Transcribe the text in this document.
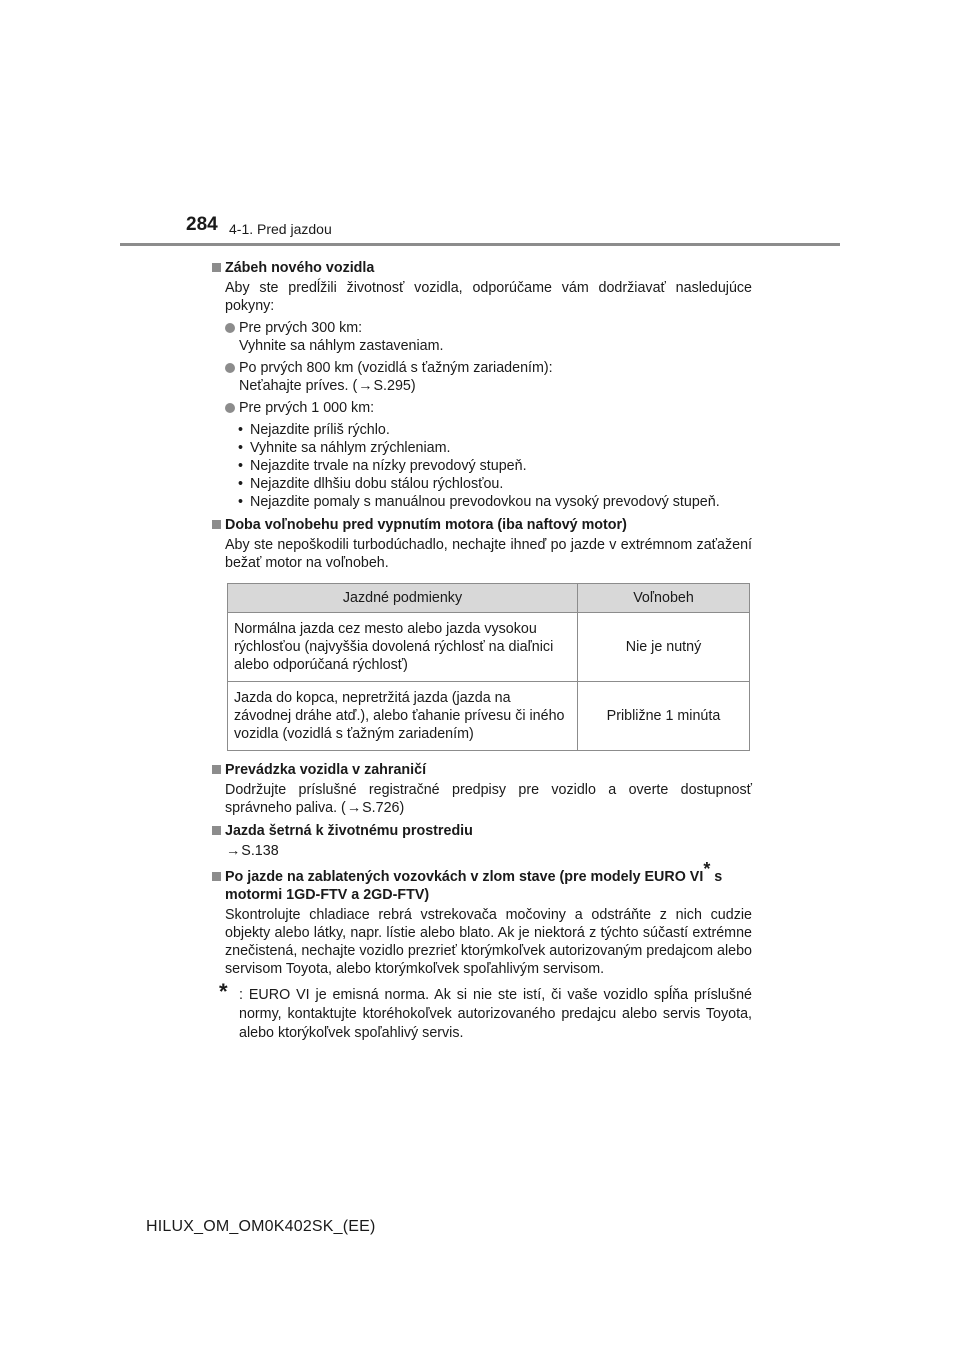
284 4-1. Pred jazdou
Zábeh nového vozidla
Aby ste predĺžili životnosť vozidla, odporúčame vám dodržiavať nasledujúce pokyny:
Pre prvých 300 km:
Vyhnite sa náhlym zastaveniam.
Po prvých 800 km (vozidlá s ťažným zariadením):
Neťahajte príves. (→S.295)
Pre prvých 1 000 km:
• Nejazdite príliš rýchlo.
• Vyhnite sa náhlym zrýchleniam.
• Nejazdite trvale na nízky prevodový stupeň.
• Nejazdite dlhšiu dobu stálou rýchlosťou.
• Nejazdite pomaly s manuálnou prevodovkou na vysoký prevodový stupeň.
Doba voľnobehu pred vypnutím motora (iba naftový motor)
Aby ste nepoškodili turbodúchadlo, nechajte ihneď po jazde v extrémnom zaťažení bežať motor na voľnobeh.
Jazdné podmienky	Voľnobeh
Normálna jazda cez mesto alebo jazda vysokou rýchlosťou (najvyššia dovolená rýchlosť na diaľnici alebo odporúčaná rýchlosť)	Nie je nutný
Jazda do kopca, nepretržitá jazda (jazda na závodnej dráhe atď.), alebo ťahanie prívesu či iného vozidla (vozidlá s ťažným zariadením)	Približne 1 minúta
Prevádzka vozidla v zahraničí
Dodržujte príslušné registračné predpisy pre vozidlo a overte dostupnosť správneho paliva. (→S.726)
Jazda šetrná k životnému prostrediu
→S.138
Po jazde na zablatených vozovkách v zlom stave (pre modely EURO VI* s motormi 1GD-FTV a 2GD-FTV)
Skontrolujte chladiace rebrá vstrekovača močoviny a odstráňte z nich cudzie objekty alebo látky, napr. lístie alebo blato. Ak je niektorá z týchto súčastí extrémne znečistená, nechajte vozidlo prezrieť ktorýmkoľvek autorizovaným predajcom alebo servisom Toyota, alebo ktorýmkoľvek spoľahlivým servisom.
* : EURO VI je emisná norma. Ak si nie ste istí, či vaše vozidlo spĺňa príslušné normy, kontaktujte ktoréhokoľvek autorizovaného predajcu alebo servis Toyota, alebo ktorýkoľvek spoľahlivý servis.
HILUX_OM_OM0K402SK_(EE)
